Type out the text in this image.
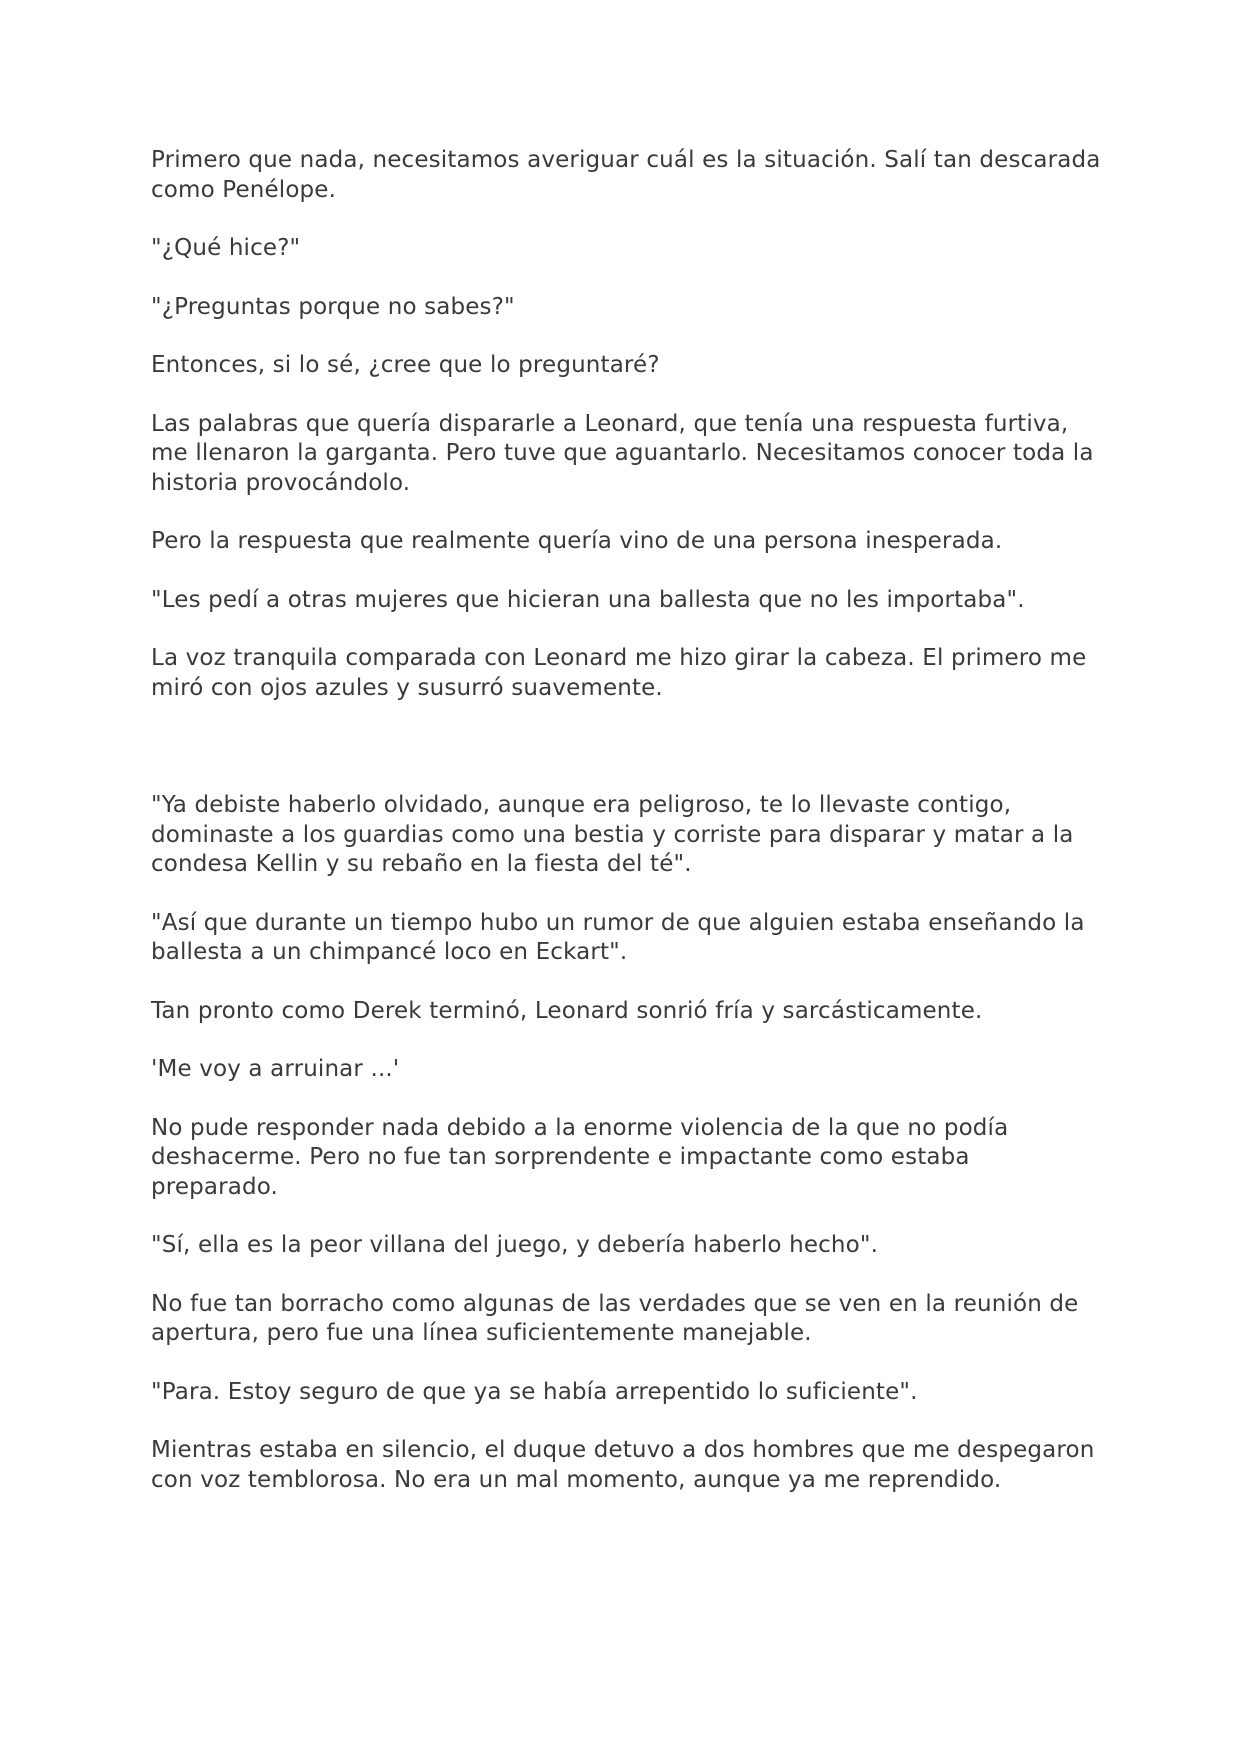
Primero que nada, necesitamos averiguar cuál es la situación. Salí tan descarada como Penélope.

"¿Qué hice?"

"¿Preguntas porque no sabes?"

Entonces, si lo sé, ¿cree que lo preguntaré?

Las palabras que quería dispararle a Leonard, que tenía una respuesta furtiva, me llenaron la garganta. Pero tuve que aguantarlo. Necesitamos conocer toda la historia provocándolo.

Pero la respuesta que realmente quería vino de una persona inesperada.

"Les pedí a otras mujeres que hicieran una ballesta que no les importaba".

La voz tranquila comparada con Leonard me hizo girar la cabeza. El primero me miró con ojos azules y susurró suavemente.

"Ya debiste haberlo olvidado, aunque era peligroso, te lo llevaste contigo, dominaste a los guardias como una bestia y corriste para disparar y matar a la condesa Kellin y su rebaño en la fiesta del té".

"Así que durante un tiempo hubo un rumor de que alguien estaba enseñando la ballesta a un chimpancé loco en Eckart".

Tan pronto como Derek terminó, Leonard sonrió fría y sarcásticamente.

'Me voy a arruinar ...'

No pude responder nada debido a la enorme violencia de la que no podía deshacerme. Pero no fue tan sorprendente e impactante como estaba preparado.

"Sí, ella es la peor villana del juego, y debería haberlo hecho".

No fue tan borracho como algunas de las verdades que se ven en la reunión de apertura, pero fue una línea suficientemente manejable.

"Para. Estoy seguro de que ya se había arrepentido lo suficiente".

Mientras estaba en silencio, el duque detuvo a dos hombres que me despegaron con voz temblorosa. No era un mal momento, aunque ya me reprendido.
